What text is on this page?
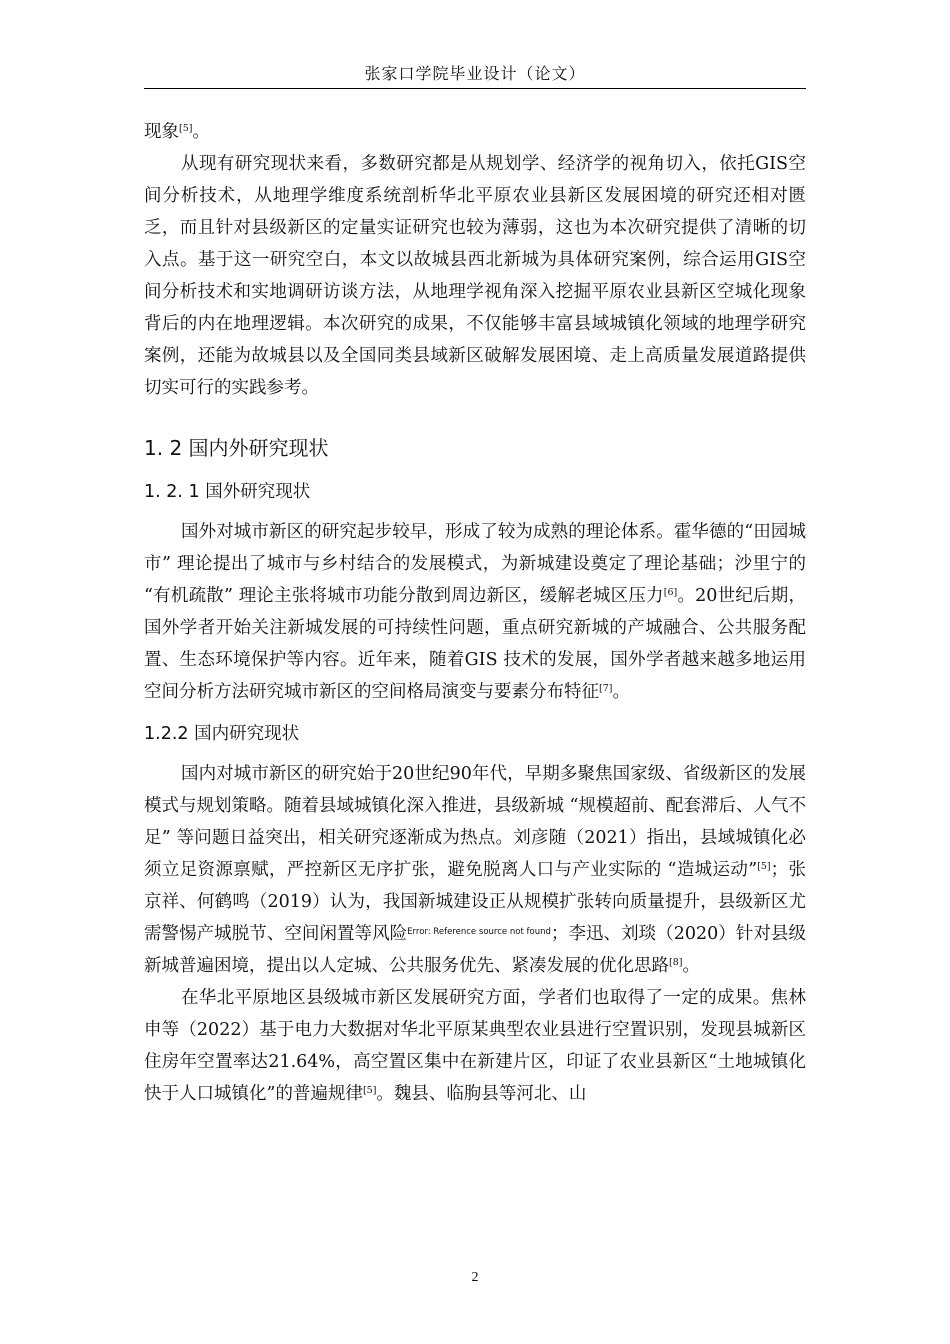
张家口学院毕业设计（论文）

现象[5]。

从现有研究现状来看，多数研究都是从规划学、经济学的视角切入，依托GIS空间分析技术，从地理学维度系统剖析华北平原农业县新区发展困境的研究还相对匮乏，而且针对县级新区的定量实证研究也较为薄弱，这也为本次研究提供了清晰的切入点。基于这一研究空白，本文以故城县西北新城为具体研究案例，综合运用GIS空间分析技术和实地调研访谈方法，从地理学视角深入挖掘平原农业县新区空城化现象背后的内在地理逻辑。本次研究的成果，不仅能够丰富县域城镇化领域的地理学研究案例，还能为故城县以及全国同类县域新区破解发展困境、走上高质量发展道路提供切实可行的实践参考。

1. 2 国内外研究现状
1. 2. 1 国外研究现状

国外对城市新区的研究起步较早，形成了较为成熟的理论体系。霍华德的“田园城市” 理论提出了城市与乡村结合的发展模式，为新城建设奠定了理论基础；沙里宁的 “有机疏散” 理论主张将城市功能分散到周边新区，缓解老城区压力[6]。20世纪后期，国外学者开始关注新城发展的可持续性问题，重点研究新城的产城融合、公共服务配置、生态环境保护等内容。近年来，随着GIS 技术的发展，国外学者越来越多地运用空间分析方法研究城市新区的空间格局演变与要素分布特征[7]。

1.2.2 国内研究现状

国内对城市新区的研究始于20世纪90年代，早期多聚焦国家级、省级新区的发展模式与规划策略。随着县域城镇化深入推进，县级新城 “规模超前、配套滞后、人气不足” 等问题日益突出，相关研究逐渐成为热点。刘彦随（2021）指出，县域城镇化必须立足资源禀赋，严控新区无序扩张，避免脱离人口与产业实际的 “造城运动”[5]；张京祥、何鹤鸣（2019）认为，我国新城建设正从规模扩张转向质量提升，县级新区尤需警惕产城脱节、空间闲置等风险$^{Error: Reference source not found}$；李迅、刘琰（2020）针对县级新城普遍困境，提出以人定城、公共服务优先、紧凑发展的优化思路[8]。

在华北平原地区县级城市新区发展研究方面，学者们也取得了一定的成果。焦林申等（2022）基于电力大数据对华北平原某典型农业县进行空置识别，发现县城新区住房年空置率达21.64%，高空置区集中在新建片区，印证了农业县新区“土地城镇化快于人口城镇化”的普遍规律[5]。魏县、临朐县等河北、山

2
